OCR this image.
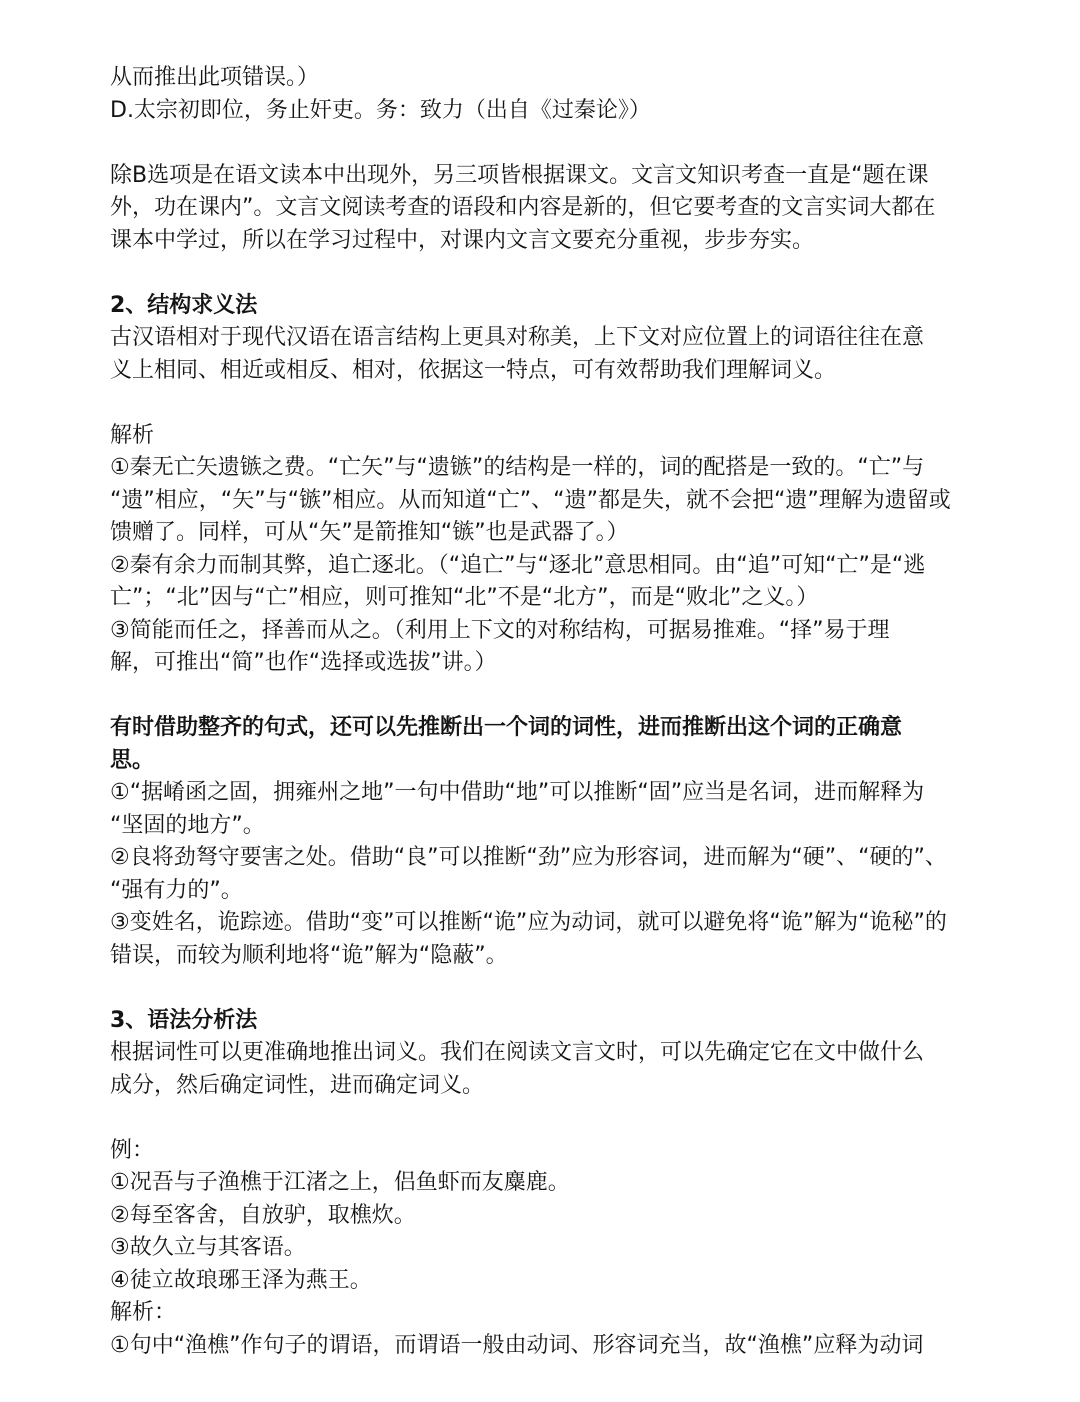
从而推出此项错误。）
D.太宗初即位，务止奸吏。务：致力（出自《过秦论》）
除B选项是在语文读本中出现外，另三项皆根据课文。文言文知识考查一直是“题在课
外，功在课内”。文言文阅读考查的语段和内容是新的，但它要考查的文言实词大都在
课本中学过，所以在学习过程中，对课内文言文要充分重视，步步夯实。
2、结构求义法
古汉语相对于现代汉语在语言结构上更具对称美，上下文对应位置上的词语往往在意
义上相同、相近或相反、相对，依据这一特点，可有效帮助我们理解词义。
解析
①秦无亡矢遗镞之费。“亡矢”与“遗镞”的结构是一样的，词的配搭是一致的。“亡”与
“遗”相应，“矢”与“镞”相应。从而知道“亡”、“遗”都是失，就不会把“遗”理解为遗留或
馈赠了。同样，可从“矢”是箭推知“镞”也是武器了。）
②秦有余力而制其弊，追亡逐北。（“追亡”与“逐北”意思相同。由“追”可知“亡”是“逃
亡”；“北”因与“亡”相应，则可推知“北”不是“北方”，而是“败北”之义。）
③简能而任之，择善而从之。（利用上下文的对称结构，可据易推难。“择”易于理
解，可推出“简”也作“选择或选拔”讲。）
有时借助整齐的句式，还可以先推断出一个词的词性，进而推断出这个词的正确意
思。
①“据崤函之固，拥雍州之地”一句中借助“地”可以推断“固”应当是名词，进而解释为
“坚固的地方”。
②良将劲弩守要害之处。借助“良”可以推断“劲”应为形容词，进而解为“硬”、“硬的”、
“强有力的”。
③变姓名，诡踪迹。借助“变”可以推断“诡”应为动词，就可以避免将“诡”解为“诡秘”的
错误，而较为顺利地将“诡”解为“隐蔽”。
3、语法分析法
根据词性可以更准确地推出词义。我们在阅读文言文时，可以先确定它在文中做什么
成分，然后确定词性，进而确定词义。
例：
①况吾与子渔樵于江渚之上，侣鱼虾而友麋鹿。
②每至客舍，自放驴，取樵炊。
③故久立与其客语。
④徒立故琅琊王泽为燕王。
解析：
①句中“渔樵”作句子的谓语，而谓语一般由动词、形容词充当，故“渔樵”应释为动词
